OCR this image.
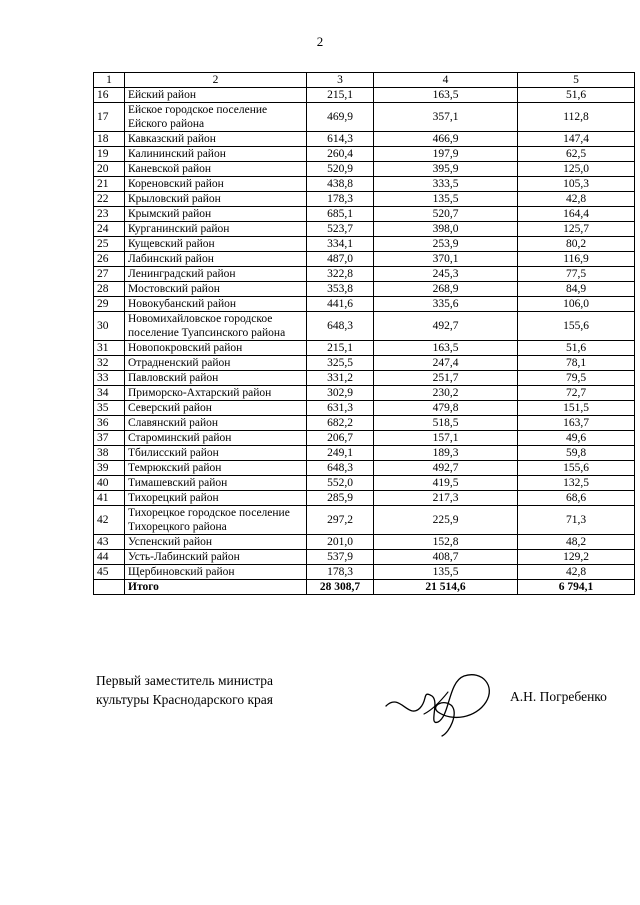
2
1	2	3	4	5
16	Ейский район	215,1	163,5	51,6
17	Ейское городское поселение Ейского района	469,9	357,1	112,8
18	Кавказский район	614,3	466,9	147,4
19	Калининский район	260,4	197,9	62,5
20	Каневской район	520,9	395,9	125,0
21	Кореновский район	438,8	333,5	105,3
22	Крыловский район	178,3	135,5	42,8
23	Крымский район	685,1	520,7	164,4
24	Курганинский район	523,7	398,0	125,7
25	Кущевский район	334,1	253,9	80,2
26	Лабинский район	487,0	370,1	116,9
27	Ленинградский район	322,8	245,3	77,5
28	Мостовский район	353,8	268,9	84,9
29	Новокубанский район	441,6	335,6	106,0
30	Новомихайловское городское поселение Туапсинского района	648,3	492,7	155,6
31	Новопокровский район	215,1	163,5	51,6
32	Отрадненский район	325,5	247,4	78,1
33	Павловский район	331,2	251,7	79,5
34	Приморско-Ахтарский район	302,9	230,2	72,7
35	Северский район	631,3	479,8	151,5
36	Славянский район	682,2	518,5	163,7
37	Староминский район	206,7	157,1	49,6
38	Тбилисский район	249,1	189,3	59,8
39	Темрюкский район	648,3	492,7	155,6
40	Тимашевский район	552,0	419,5	132,5
41	Тихорецкий район	285,9	217,3	68,6
42	Тихорецкое городское поселение Тихорецкого района	297,2	225,9	71,3
43	Успенский район	201,0	152,8	48,2
44	Усть-Лабинский район	537,9	408,7	129,2
45	Щербиновский район	178,3	135,5	42,8
	Итого	28 308,7	21 514,6	6 794,1
Первый заместитель министра
культуры Краснодарского края	А.Н. Погребенко
